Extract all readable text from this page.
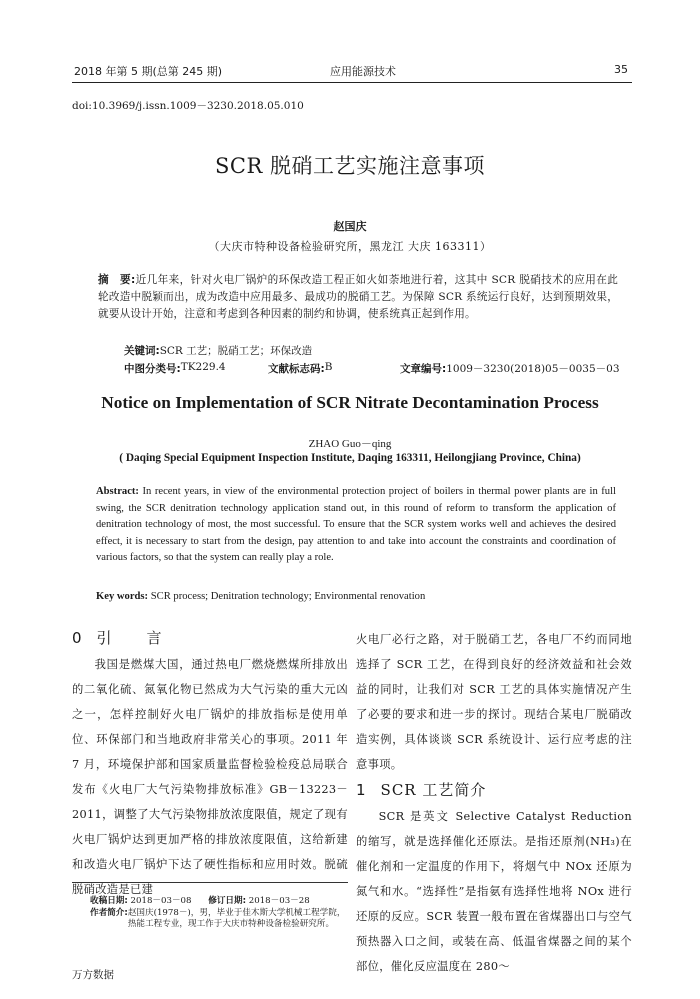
2018 年第 5 期(总第 245 期)	应用能源技术	35
doi:10.3969/j.issn.1009－3230.2018.05.010
SCR 脱硝工艺实施注意事项
赵国庆
（大庆市特种设备检验研究所，黑龙江 大庆 163311）
摘　要:近几年来，针对火电厂锅炉的环保改造工程正如火如荼地进行着，这其中 SCR 脱硝技术的应用在此轮改造中脱颖而出，成为改造中应用最多、最成功的脱硝工艺。为保障 SCR 系统运行良好，达到预期效果，就要从设计开始，注意和考虑到各种因素的制约和协调，使系统真正起到作用。
关键词:SCR 工艺；脱硝工艺；环保改造
中图分类号: TK229.4	文献标志码: B	文章编号: 1009－3230(2018)05－0035－03
Notice on Implementation of SCR Nitrate Decontamination Process
ZHAO Guo－qing
( Daqing Special Equipment Inspection Institute, Daqing 163311, Heilongjiang Province, China)
Abstract: In recent years, in view of the environmental protection project of boilers in thermal power plants are in full swing, the SCR denitration technology application stand out, in this round of reform to transform the application of denitration technology of most, the most successful. To ensure that the SCR system works well and achieves the desired effect, it is necessary to start from the design, pay attention to and take into account the constraints and coordination of various factors, so that the system can really play a role.
Key words: SCR process; Denitration technology; Environmental renovation
0 引　言

我国是燃煤大国，通过热电厂燃烧燃煤所排放出的二氧化硫、氮氧化物已然成为大气污染的重大元凶之一，怎样控制好火电厂锅炉的排放指标是使用单位、环保部门和当地政府非常关心的事项。2011 年 7 月，环境保护部和国家质量监督检验检疫总局联合发布《火电厂大气污染物排放标准》GB－13223－2011，调整了大气污染物排放浓度限值，规定了现有火电厂锅炉达到更加严格的排放浓度限值，这给新建和改造火电厂锅炉下达了硬性指标和应用时效。脱硫脱硝改造是已建

火电厂必行之路，对于脱硝工艺，各电厂不约而同地选择了 SCR 工艺，在得到良好的经济效益和社会效益的同时，让我们对 SCR 工艺的具体实施情况产生了必要的要求和进一步的探讨。现结合某电厂脱硝改造实例，具体谈谈 SCR 系统设计、运行应考虑的注意事项。

1 SCR 工艺简介

SCR 是英文 Selective Catalyst Reduction 的缩写，就是选择催化还原法。是指还原剂(NH₃)在催化剂和一定温度的作用下，将烟气中 NOx 还原为氮气和水。“选择性”是指氨有选择性地将 NOx 进行还原的反应。SCR 装置一般布置在省煤器出口与空气预热器入口之间，或装在高、低温省煤器之间的某个部位，催化反应温度在 280～

收稿日期: 2018－03－08 修订日期: 2018－03－28
作者简介: 赵国庆(1978－)，男，毕业于佳木斯大学机械工程学院，热能工程专业，现工作于大庆市特种设备检验研究所。
万方数据
